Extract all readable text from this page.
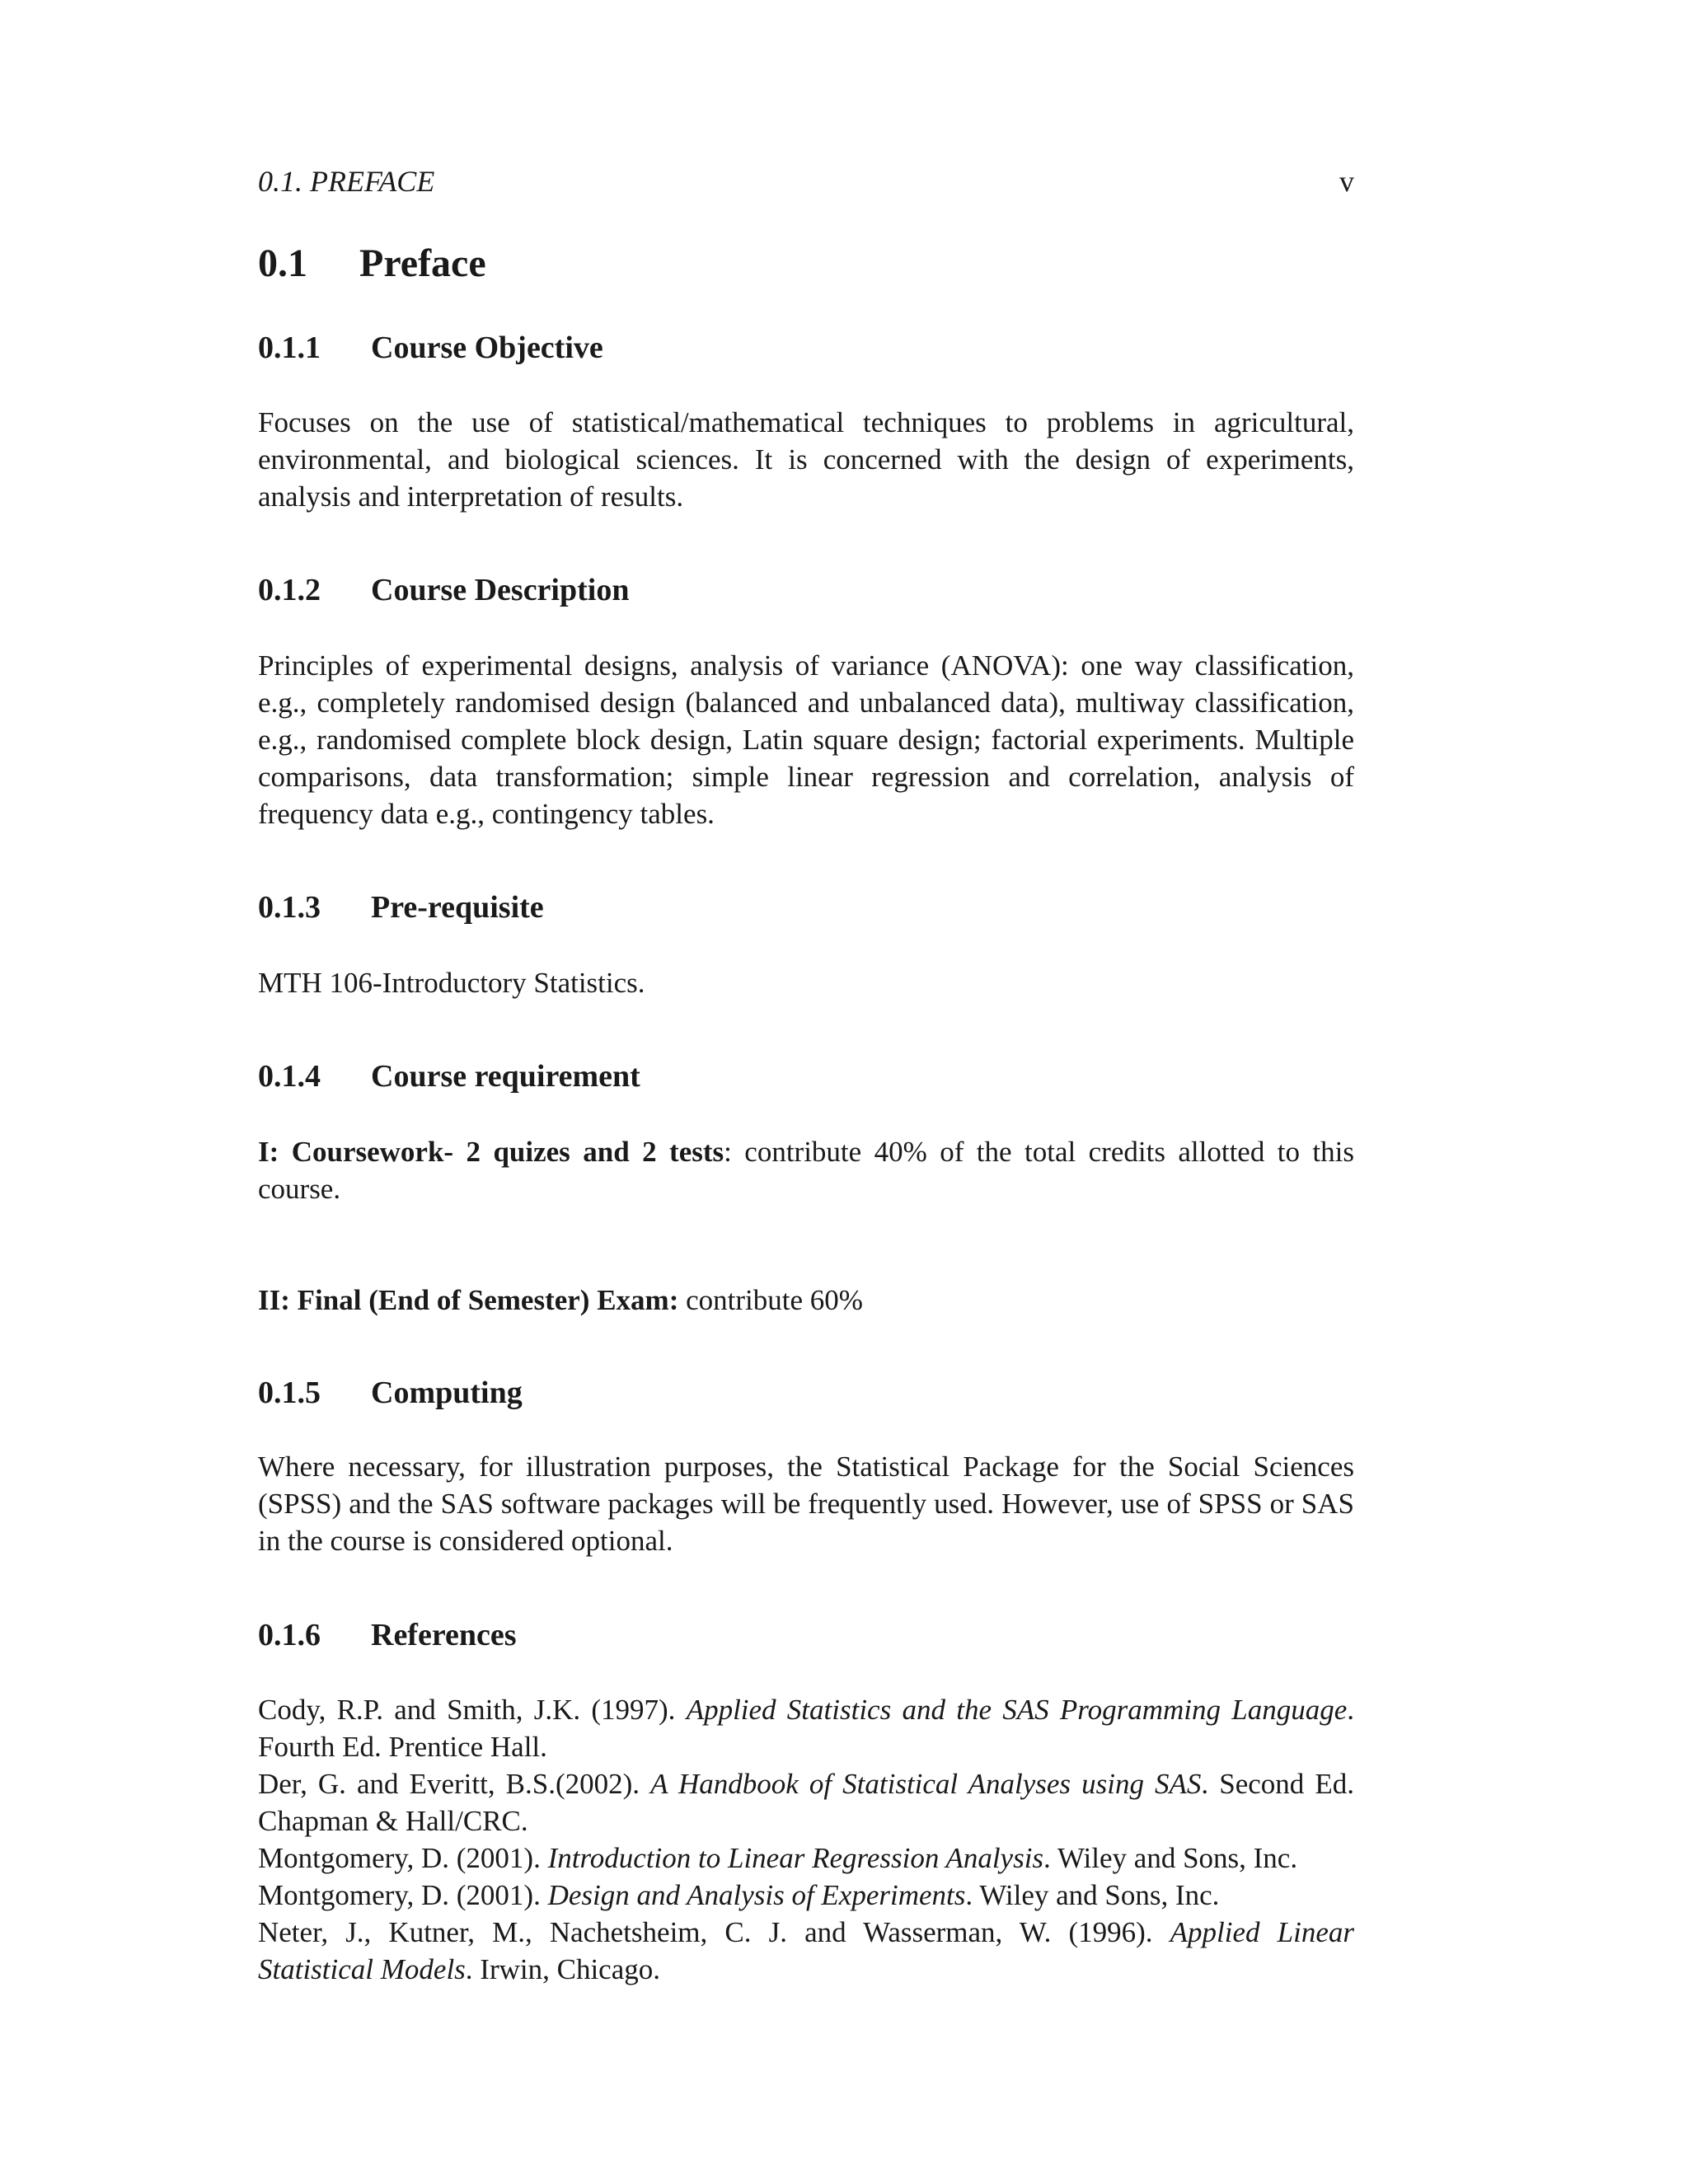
0.1. PREFACE	v
0.1 Preface
0.1.1 Course Objective

Focuses on the use of statistical/mathematical techniques to problems in agricultural, environmental, and biological sciences. It is concerned with the design of experiments, analysis and interpretation of results.

0.1.2 Course Description

Principles of experimental designs, analysis of variance (ANOVA): one way classification, e.g., completely randomised design (balanced and unbalanced data), multiway classification, e.g., randomised complete block design, Latin square design; factorial experiments. Multiple comparisons, data transformation; simple linear regression and correlation, analysis of frequency data e.g., contingency tables.

0.1.3 Pre-requisite

MTH 106-Introductory Statistics.

0.1.4 Course requirement

I: Coursework- 2 quizes and 2 tests: contribute 40% of the total credits allotted to this course.

II: Final (End of Semester) Exam: contribute 60%

0.1.5 Computing

Where necessary, for illustration purposes, the Statistical Package for the Social Sciences (SPSS) and the SAS software packages will be frequently used. However, use of SPSS or SAS in the course is considered optional.

0.1.6 References
Cody, R.P. and Smith, J.K. (1997). Applied Statistics and the SAS Programming Language. Fourth Ed. Prentice Hall.
Der, G. and Everitt, B.S.(2002). A Handbook of Statistical Analyses using SAS. Second Ed. Chapman & Hall/CRC.
Montgomery, D. (2001). Introduction to Linear Regression Analysis. Wiley and Sons, Inc.
Montgomery, D. (2001). Design and Analysis of Experiments. Wiley and Sons, Inc.
Neter, J., Kutner, M., Nachetsheim, C. J. and Wasserman, W. (1996). Applied Linear Statistical Models. Irwin, Chicago.
